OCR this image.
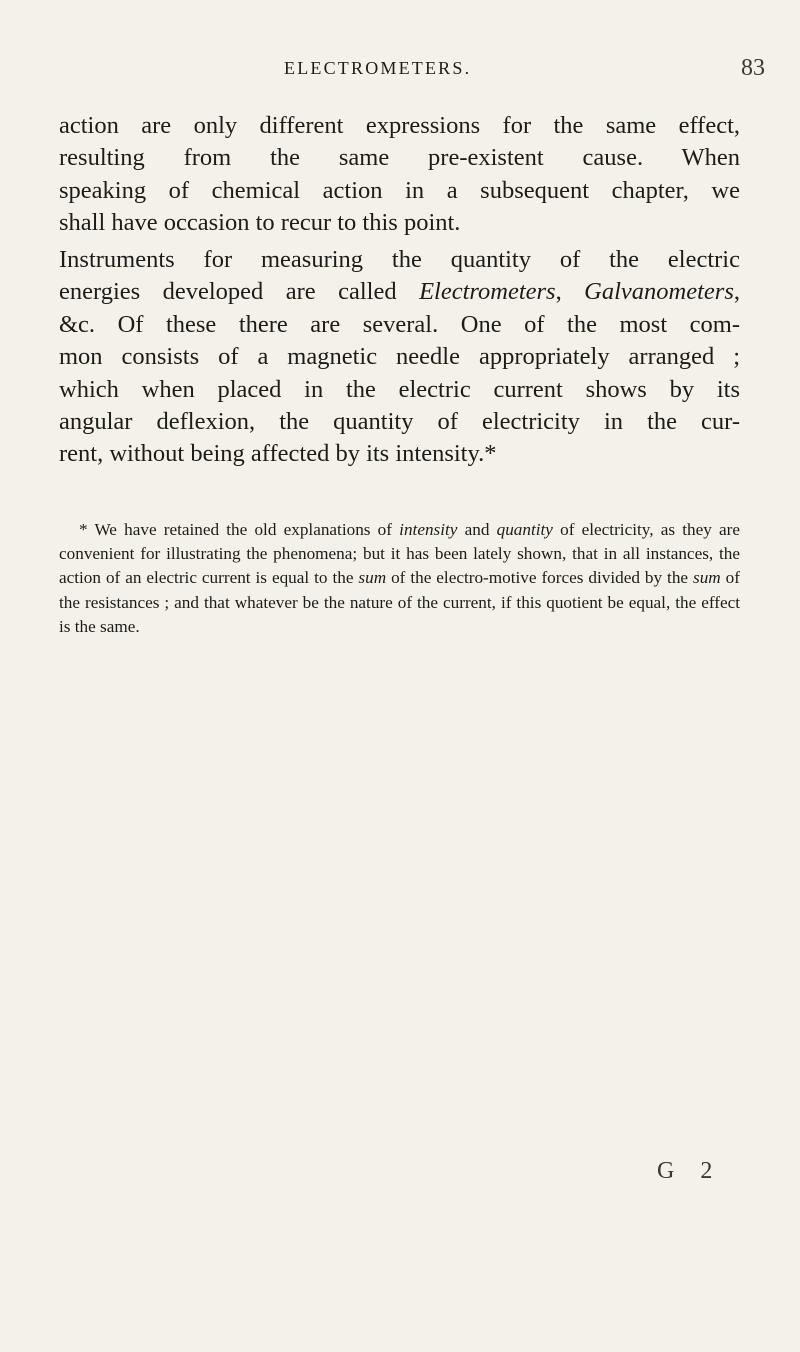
ELECTROMETERS.	83
action are only different expressions for the same effect,
resulting from the same pre-existent cause. When
speaking of chemical action in a subsequent chapter, we
shall have occasion to recur to this point.
Instruments for measuring the quantity of the electric
energies developed are called Electrometers, Galvanometers,
&c. Of these there are several. One of the most com-
mon consists of a magnetic needle appropriately arranged ;
which when placed in the electric current shows by its
angular deflexion, the quantity of electricity in the cur-
rent, without being affected by its intensity.*

* We have retained the old explanations of intensity and quantity of electricity, as they are convenient for illustrating the phenomena; but it has been lately shown, that in all instances, the action of an electric current is equal to the sum of the electro-motive forces divided by the sum of the resistances ; and that whatever be the nature of the current, if this quotient be equal, the effect is the same.

G 2
